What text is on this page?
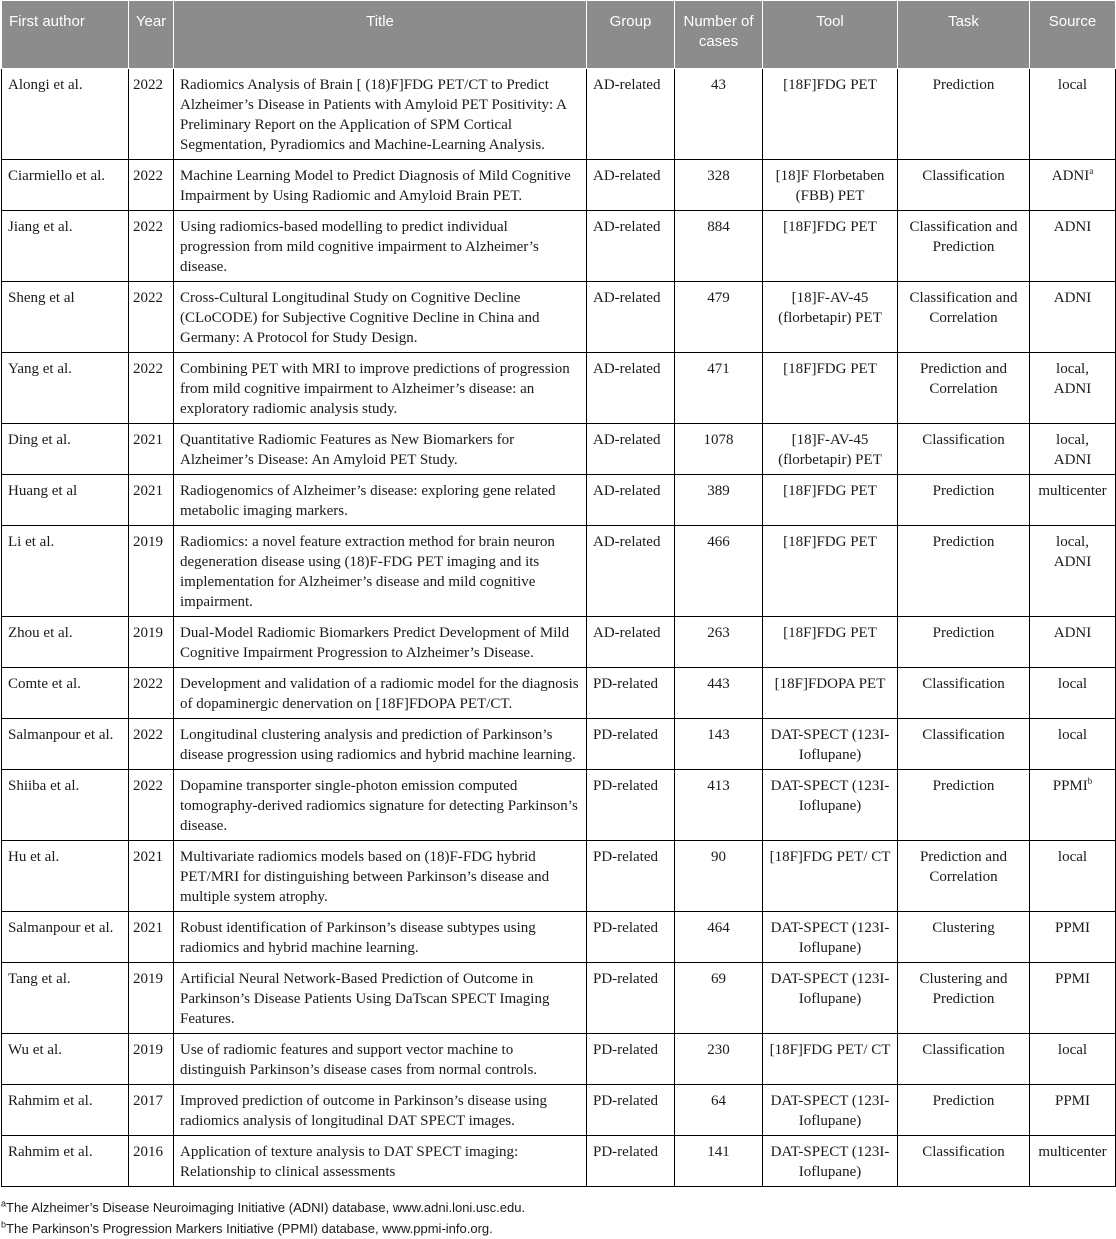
First author	Year	Title	Group	Number of cases	Tool	Task	Source
Alongi et al.	2022	Radiomics Analysis of Brain [ (18)F]FDG PET/CT to Predict Alzheimer’s Disease in Patients with Amyloid PET Positivity: A Preliminary Report on the Application of SPM Cortical Segmentation, Pyradiomics and Machine-Learning Analysis.	AD-related	43	[18F]FDG PET	Prediction	local
Ciarmiello et al.	2022	Machine Learning Model to Predict Diagnosis of Mild Cognitive Impairment by Using Radiomic and Amyloid Brain PET.	AD-related	328	[18]F Florbetaben (FBB) PET	Classification	ADNI$^a$
Jiang et al.	2022	Using radiomics-based modelling to predict individual progression from mild cognitive impairment to Alzheimer’s disease.	AD-related	884	[18F]FDG PET	Classification and Prediction	ADNI
Sheng et al	2022	Cross-Cultural Longitudinal Study on Cognitive Decline (CLoCODE) for Subjective Cognitive Decline in China and Germany: A Protocol for Study Design.	AD-related	479	[18]F-AV-45 (florbetapir) PET	Classification and Correlation	ADNI
Yang et al.	2022	Combining PET with MRI to improve predictions of progression from mild cognitive impairment to Alzheimer’s disease: an exploratory radiomic analysis study.	AD-related	471	[18F]FDG PET	Prediction and Correlation	local, ADNI
Ding et al.	2021	Quantitative Radiomic Features as New Biomarkers for Alzheimer’s Disease: An Amyloid PET Study.	AD-related	1078	[18]F-AV-45 (florbetapir) PET	Classification	local, ADNI
Huang et al	2021	Radiogenomics of Alzheimer’s disease: exploring gene related metabolic imaging markers.	AD-related	389	[18F]FDG PET	Prediction	multicenter
Li et al.	2019	Radiomics: a novel feature extraction method for brain neuron degeneration disease using (18)F-FDG PET imaging and its implementation for Alzheimer’s disease and mild cognitive impairment.	AD-related	466	[18F]FDG PET	Prediction	local, ADNI
Zhou et al.	2019	Dual-Model Radiomic Biomarkers Predict Development of Mild Cognitive Impairment Progression to Alzheimer’s Disease.	AD-related	263	[18F]FDG PET	Prediction	ADNI
Comte et al.	2022	Development and validation of a radiomic model for the diagnosis of dopaminergic denervation on [18F]FDOPA PET/CT.	PD-related	443	[18F]FDOPA PET	Classification	local
Salmanpour et al.	2022	Longitudinal clustering analysis and prediction of Parkinson’s disease progression using radiomics and hybrid machine learning.	PD-related	143	DAT-SPECT (123I-Ioflupane)	Classification	local
Shiiba et al.	2022	Dopamine transporter single-photon emission computed tomography-derived radiomics signature for detecting Parkinson’s disease.	PD-related	413	DAT-SPECT (123I-Ioflupane)	Prediction	PPMI$^b$
Hu et al.	2021	Multivariate radiomics models based on (18)F-FDG hybrid PET/MRI for distinguishing between Parkinson’s disease and multiple system atrophy.	PD-related	90	[18F]FDG PET/ CT	Prediction and Correlation	local
Salmanpour et al.	2021	Robust identification of Parkinson’s disease subtypes using radiomics and hybrid machine learning.	PD-related	464	DAT-SPECT (123I-Ioflupane)	Clustering	PPMI
Tang et al.	2019	Artificial Neural Network-Based Prediction of Outcome in Parkinson’s Disease Patients Using DaTscan SPECT Imaging Features.	PD-related	69	DAT-SPECT (123I-Ioflupane)	Clustering and Prediction	PPMI
Wu et al.	2019	Use of radiomic features and support vector machine to distinguish Parkinson’s disease cases from normal controls.	PD-related	230	[18F]FDG PET/ CT	Classification	local
Rahmim et al.	2017	Improved prediction of outcome in Parkinson’s disease using radiomics analysis of longitudinal DAT SPECT images.	PD-related	64	DAT-SPECT (123I-Ioflupane)	Prediction	PPMI
Rahmim et al.	2016	Application of texture analysis to DAT SPECT imaging: Relationship to clinical assessments	PD-related	141	DAT-SPECT (123I-Ioflupane)	Classification	multicenter
$^a$The Alzheimer’s Disease Neuroimaging Initiative (ADNI) database, www.adni.loni.usc.edu.
$^b$The Parkinson’s Progression Markers Initiative (PPMI) database, www.ppmi-info.org.
